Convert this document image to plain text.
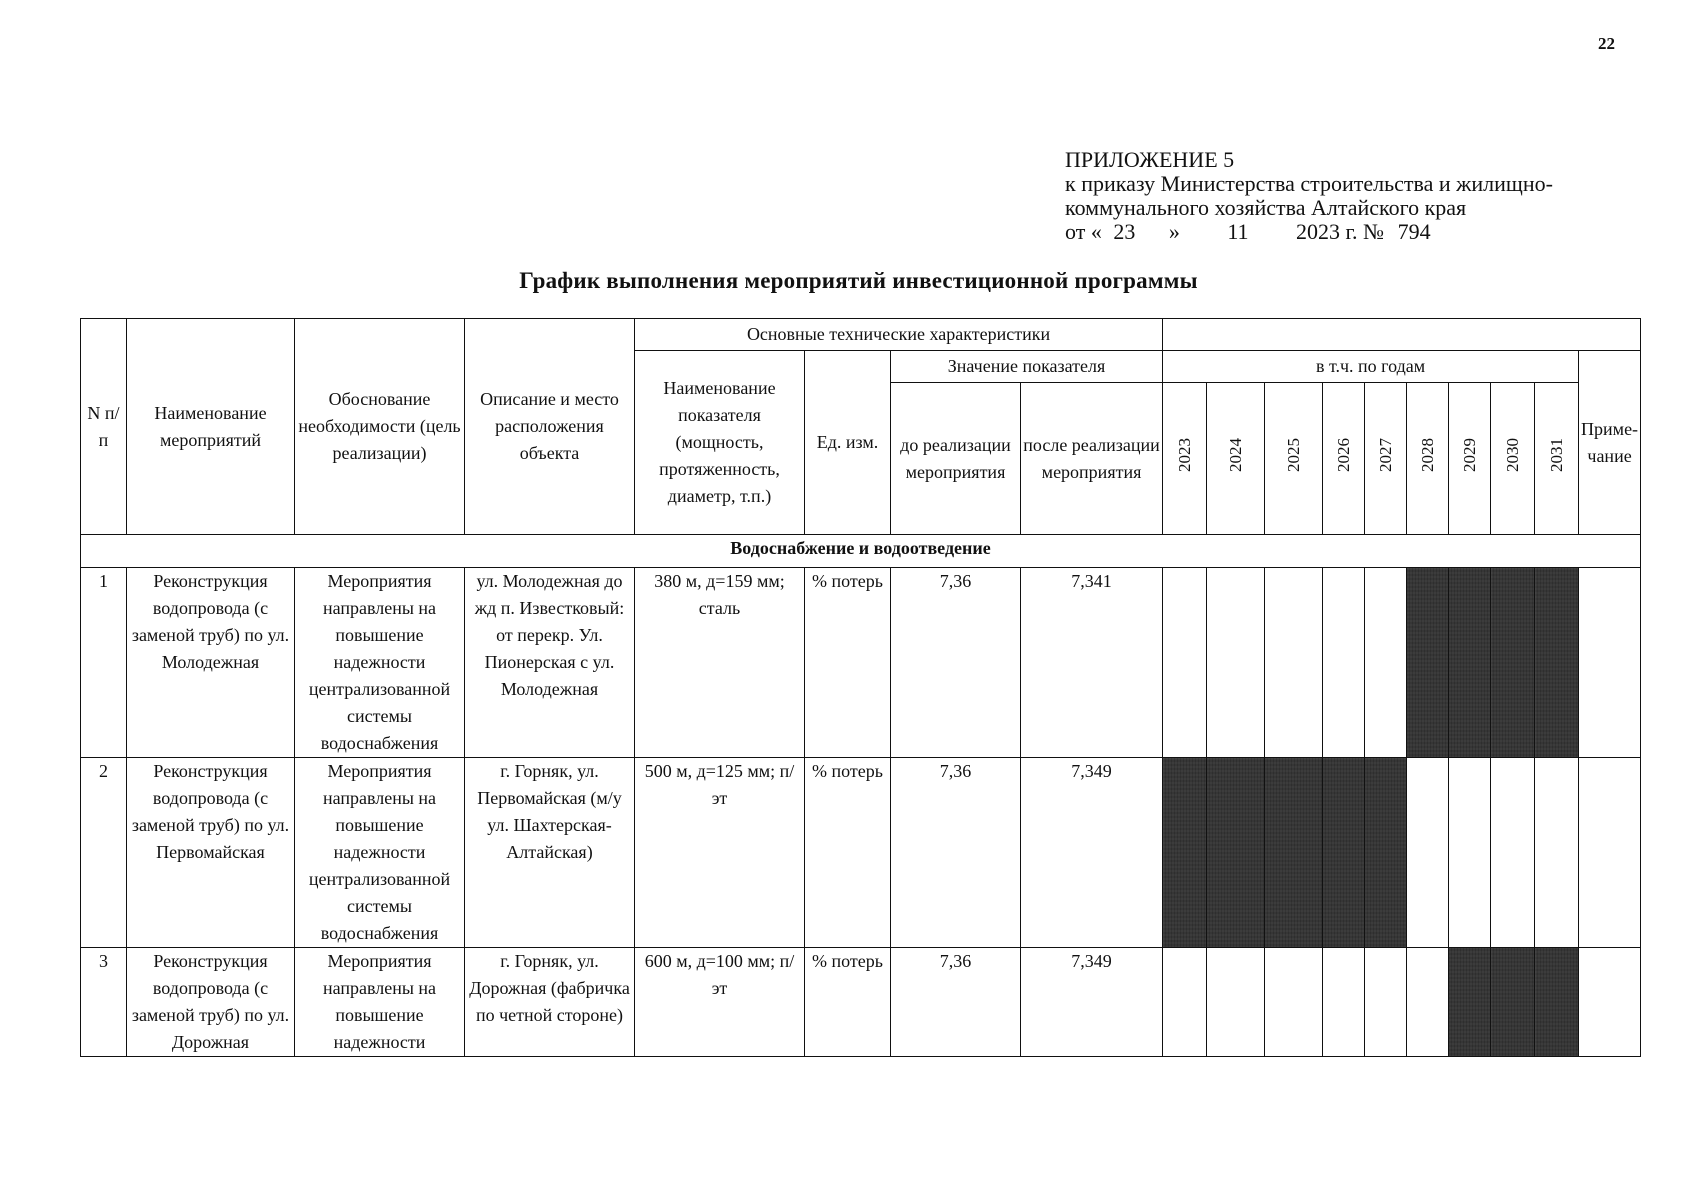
22
ПРИЛОЖЕНИЕ 5
к приказу Министерства строительства и жилищно-
коммунального хозяйства Алтайского края
от « 23 » 11 2023 г. № 794
График выполнения мероприятий инвестиционной программы
N п/п	Наименование мероприятий	Обоснование необходимости (цель реализации)	Описание и место расположения объекта	Основные технические характеристики													
				Наименование показателя (мощность, протяженность, диаметр, т.п.)	Ед. изм.	Значение показателя		в т.ч. по годам									Приме-чание
						до реализации мероприятия	после реализации мероприятия	2023	2024	2025	2026	2027	2028	2029	2030	2031	
Водоснабжение и водоотведение																	
1	Реконструкция водопровода (с заменой труб) по ул. Молодежная	Мероприятия направлены на повышение надежности централизованной системы водоснабжения	ул. Молодежная до жд п. Известковый: от перекр. Ул. Пионерская с ул. Молодежная	380 м, д=159 мм; сталь	% потерь	7,36	7,341										
2	Реконструкция водопровода (с заменой труб) по ул. Первомайская	Мероприятия направлены на повышение надежности централизованной системы водоснабжения	г. Горняк, ул. Первомайская (м/у ул. Шахтерская-Алтайская)	500 м, д=125 мм; п/эт	% потерь	7,36	7,349										
3	Реконструкция водопровода (с заменой труб) по ул. Дорожная	Мероприятия направлены на повышение надежности	г. Горняк, ул. Дорожная (фабричка по четной стороне)	600 м, д=100 мм; п/эт	% потерь	7,36	7,349										
